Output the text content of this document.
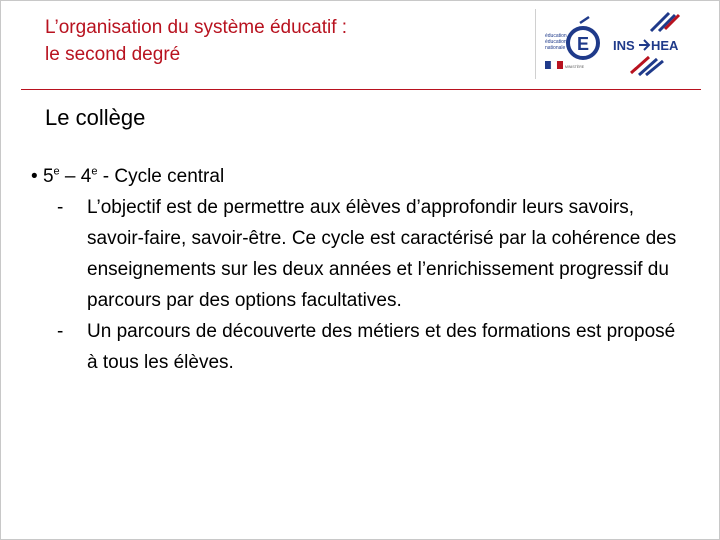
L’organisation du système éducatif :
le second degré
éducation
éducation
nationale E
MINISTÈRE
INS HEA
Le collège

• 5e – 4e - Cycle central

- L’objectif est de permettre aux élèves d’approfondir leurs savoirs, savoir-faire, savoir-être. Ce cycle est caractérisé par la cohérence des enseignements sur les deux années et l’enrichissement progressif du parcours par des options facultatives.
- Un parcours de découverte des métiers et des formations est proposé à tous les élèves.
